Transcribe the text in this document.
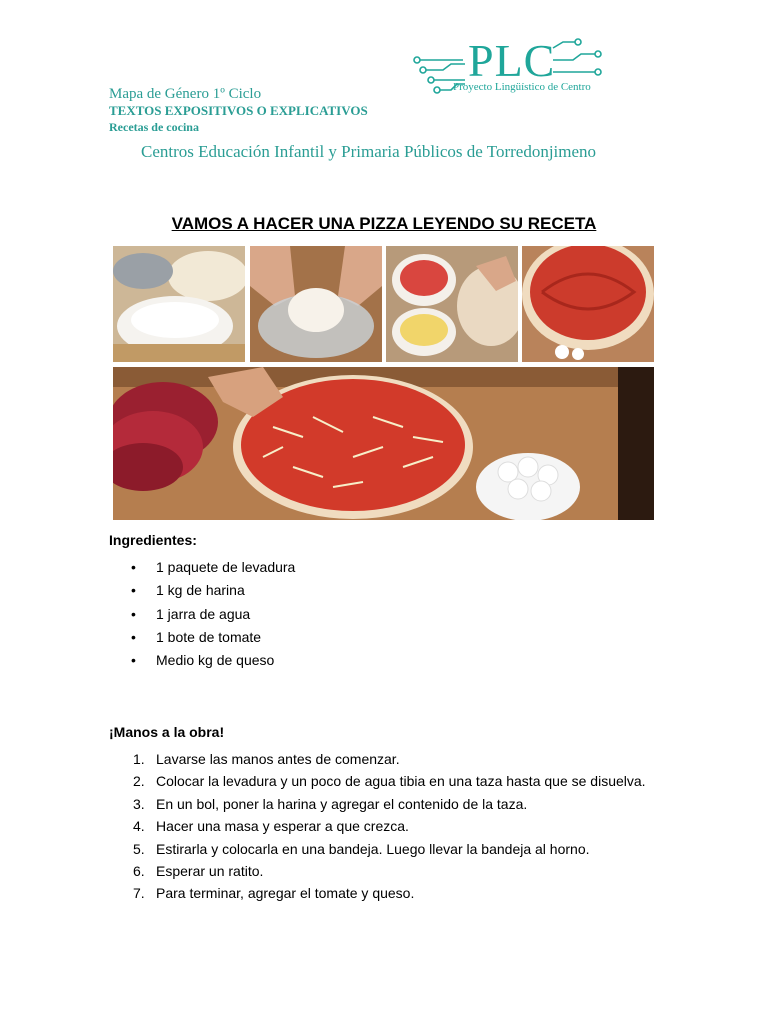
PLC
Proyecto Lingüístico de Centro
Mapa de Género 1º Ciclo
TEXTOS EXPOSITIVOS O EXPLICATIVOS
Recetas de cocina
Centros Educación Infantil y Primaria Públicos de Torredonjimeno
VAMOS A HACER UNA PIZZA LEYENDO SU RECETA
Ingredientes:
• 1 paquete de levadura
• 1 kg de harina
• 1 jarra de agua
• 1 bote de tomate
• Medio kg de queso
¡Manos a la obra!
1. Lavarse las manos antes de comenzar.
2. Colocar la levadura y un poco de agua tibia en una taza hasta que se disuelva.
3. En un bol, poner la harina y agregar el contenido de la taza.
4. Hacer una masa y esperar a que crezca.
5. Estirarla y colocarla en una bandeja. Luego llevar la bandeja al horno.
6. Esperar un ratito.
7. Para terminar, agregar el tomate y queso.
